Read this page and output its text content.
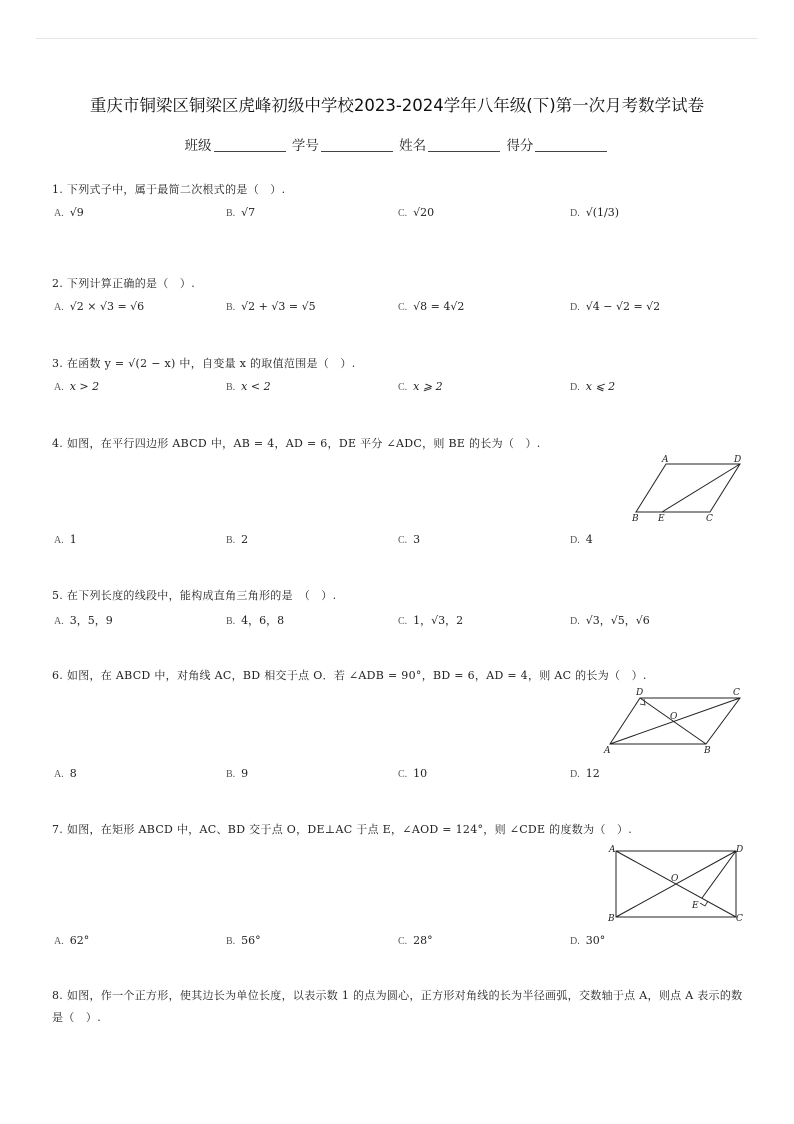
重庆市铜梁区铜梁区虎峰初级中学校2023-2024学年八年级(下)第一次月考数学试卷
班级	学号	姓名	得分
1. 下列式子中，属于最简二次根式的是（　）.
A. √9	B. √7	C. √20	D. √(1/3)
2. 下列计算正确的是（　）.
A. √2 × √3 = √6	B. √2 + √3 = √5	C. √8 = 4√2	D. √4 − √2 = √2
3. 在函数 y = √(2 − x) 中，自变量 x 的取值范围是（　）.
A. x > 2	B. x < 2	C. x ⩾ 2	D. x ⩽ 2
4. 如图，在平行四边形 ABCD 中，AB = 4，AD = 6，DE 平分 ∠ADC，则 BE 的长为（　）.
A	D
B E	C
A. 1	B. 2	C. 3	D. 4
5. 在下列长度的线段中，能构成直角三角形的是　（　）.
A. 3，5，9	B. 4，6，8	C. 1，√3，2	D. √3，√5，√6
6. 如图，在 ABCD 中，对角线 AC，BD 相交于点 O．若 ∠ADB = 90°，BD = 6，AD = 4，则 AC 的长为（　）.
D	C
O
A	B
A. 8	B. 9	C. 10	D. 12
7. 如图，在矩形 ABCD 中，AC、BD 交于点 O，DE⊥AC 于点 E，∠AOD = 124°，则 ∠CDE 的度数为（　）.
A	D
O
E
B	C
A. 62°	B. 56°	C. 28°	D. 30°
8. 如图，作一个正方形，使其边长为单位长度，以表示数 1 的点为圆心，正方形对角线的长为半径画弧，交数轴于点 A，则点 A 表示的数是（　）.
